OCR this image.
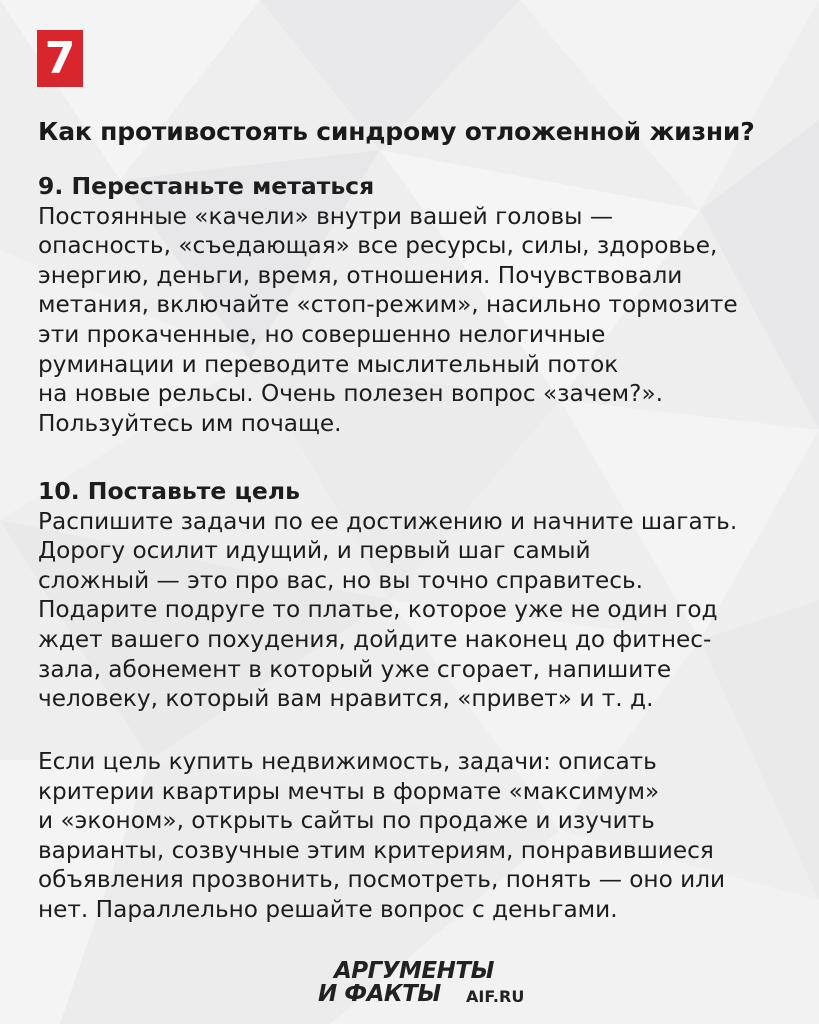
7
Как противостоять синдрому отложенной жизни?
9. Перестаньте метаться
Постоянные «качели» внутри вашей головы —
опасность, «съедающая» все ресурсы, силы, здоровье,
энергию, деньги, время, отношения. Почувствовали
метания, включайте «стоп-режим», насильно тормозите
эти прокаченные, но совершенно нелогичные
руминации и переводите мыслительный поток
на новые рельсы. Очень полезен вопрос «зачем?».
Пользуйтесь им почаще.
10. Поставьте цель
Распишите задачи по ее достижению и начните шагать.
Дорогу осилит идущий, и первый шаг самый
сложный — это про вас, но вы точно справитесь.
Подарите подруге то платье, которое уже не один год
ждет вашего похудения, дойдите наконец до фитнес-
зала, абонемент в который уже сгорает, напишите
человеку, который вам нравится, «привет» и т. д.
Если цель купить недвижимость, задачи: описать
критерии квартиры мечты в формате «максимум»
и «эконом», открыть сайты по продаже и изучить
варианты, созвучные этим критериям, понравившиеся
объявления прозвонить, посмотреть, понять — оно или
нет. Параллельно решайте вопрос с деньгами.
АРГУМЕНТЫ
И ФАКТЫ AIF.RU
